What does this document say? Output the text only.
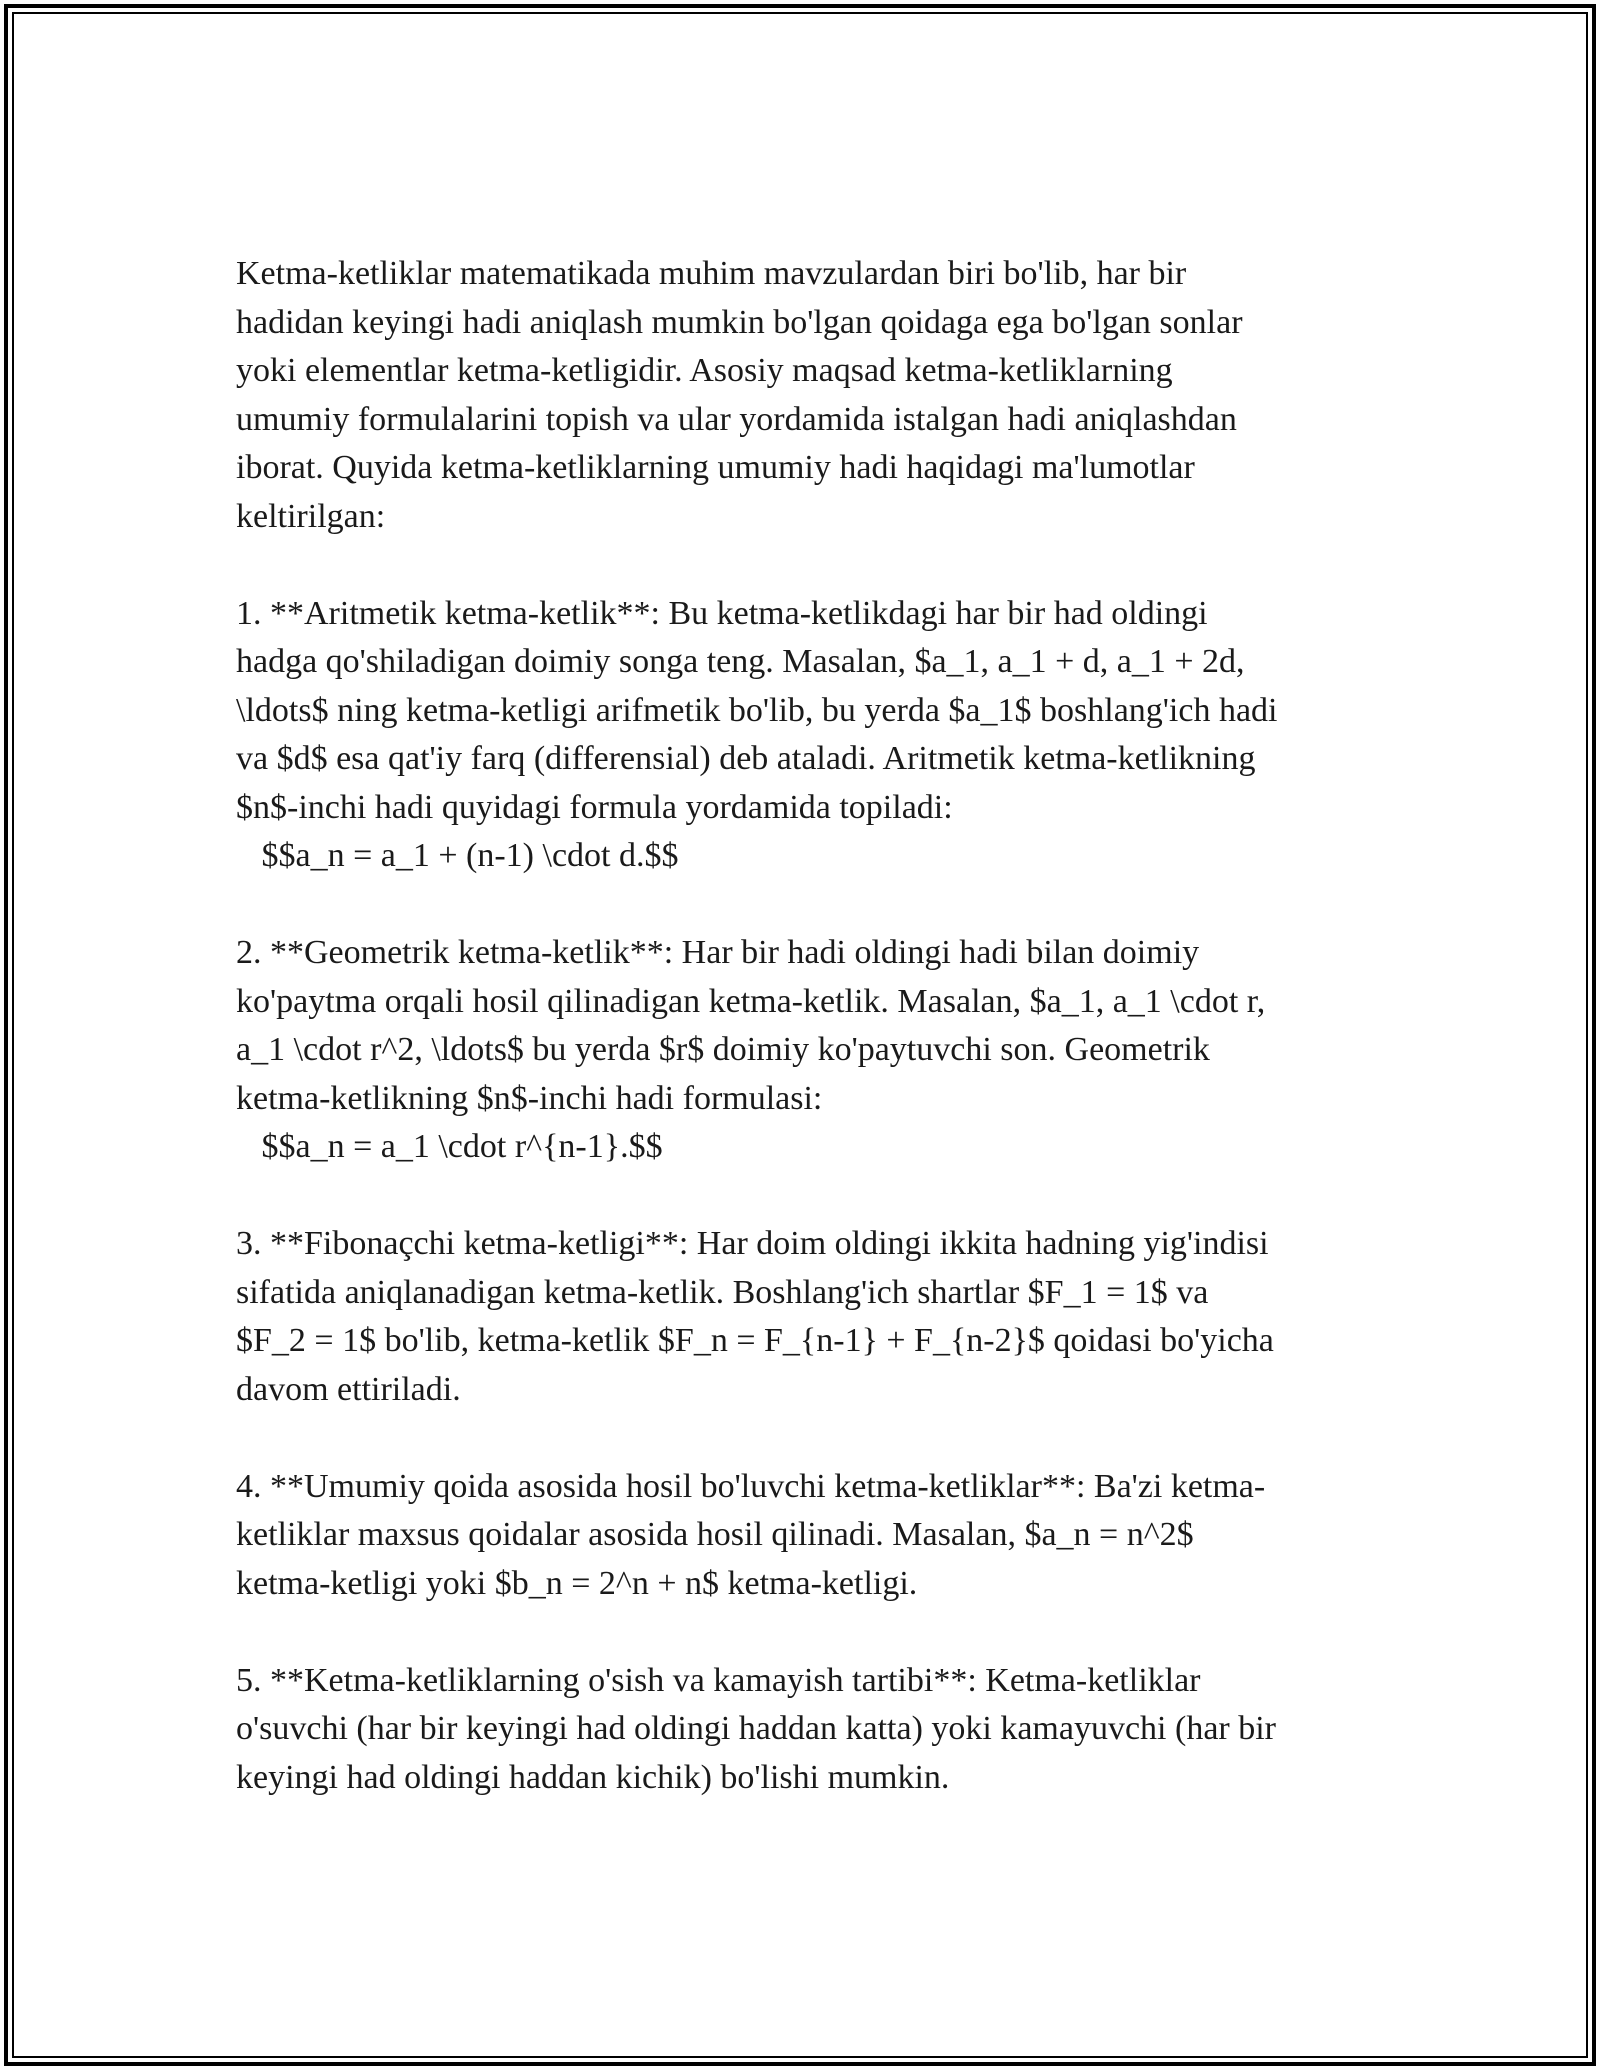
Ketma-ketliklar matematikada muhim mavzulardan biri bo'lib, har bir
hadidan keyingi hadi aniqlash mumkin bo'lgan qoidaga ega bo'lgan sonlar
yoki elementlar ketma-ketligidir. Asosiy maqsad ketma-ketliklarning
umumiy formulalarini topish va ular yordamida istalgan hadi aniqlashdan
iborat. Quyida ketma-ketliklarning umumiy hadi haqidagi ma'lumotlar
keltirilgan:
1. **Aritmetik ketma-ketlik**: Bu ketma-ketlikdagi har bir had oldingi
hadga qo'shiladigan doimiy songa teng. Masalan, $a_1, a_1 + d, a_1 + 2d,
\ldots$ ning ketma-ketligi arifmetik bo'lib, bu yerda $a_1$ boshlang'ich hadi
va $d$ esa qat'iy farq (differensial) deb ataladi. Aritmetik ketma-ketlikning
$n$-inchi hadi quyidagi formula yordamida topiladi:
$$a_n = a_1 + (n-1) \cdot d.$$
2. **Geometrik ketma-ketlik**: Har bir hadi oldingi hadi bilan doimiy
ko'paytma orqali hosil qilinadigan ketma-ketlik. Masalan, $a_1, a_1 \cdot r,
a_1 \cdot r^2, \ldots$ bu yerda $r$ doimiy ko'paytuvchi son. Geometrik
ketma-ketlikning $n$-inchi hadi formulasi:
$$a_n = a_1 \cdot r^{n-1}.$$
3. **Fibonaçchi ketma-ketligi**: Har doim oldingi ikkita hadning yig'indisi
sifatida aniqlanadigan ketma-ketlik. Boshlang'ich shartlar $F_1 = 1$ va
$F_2 = 1$ bo'lib, ketma-ketlik $F_n = F_{n-1} + F_{n-2}$ qoidasi bo'yicha
davom ettiriladi.
4. **Umumiy qoida asosida hosil bo'luvchi ketma-ketliklar**: Ba'zi ketma-
ketliklar maxsus qoidalar asosida hosil qilinadi. Masalan, $a_n = n^2$
ketma-ketligi yoki $b_n = 2^n + n$ ketma-ketligi.
5. **Ketma-ketliklarning o'sish va kamayish tartibi**: Ketma-ketliklar
o'suvchi (har bir keyingi had oldingi haddan katta) yoki kamayuvchi (har bir
keyingi had oldingi haddan kichik) bo'lishi mumkin.
